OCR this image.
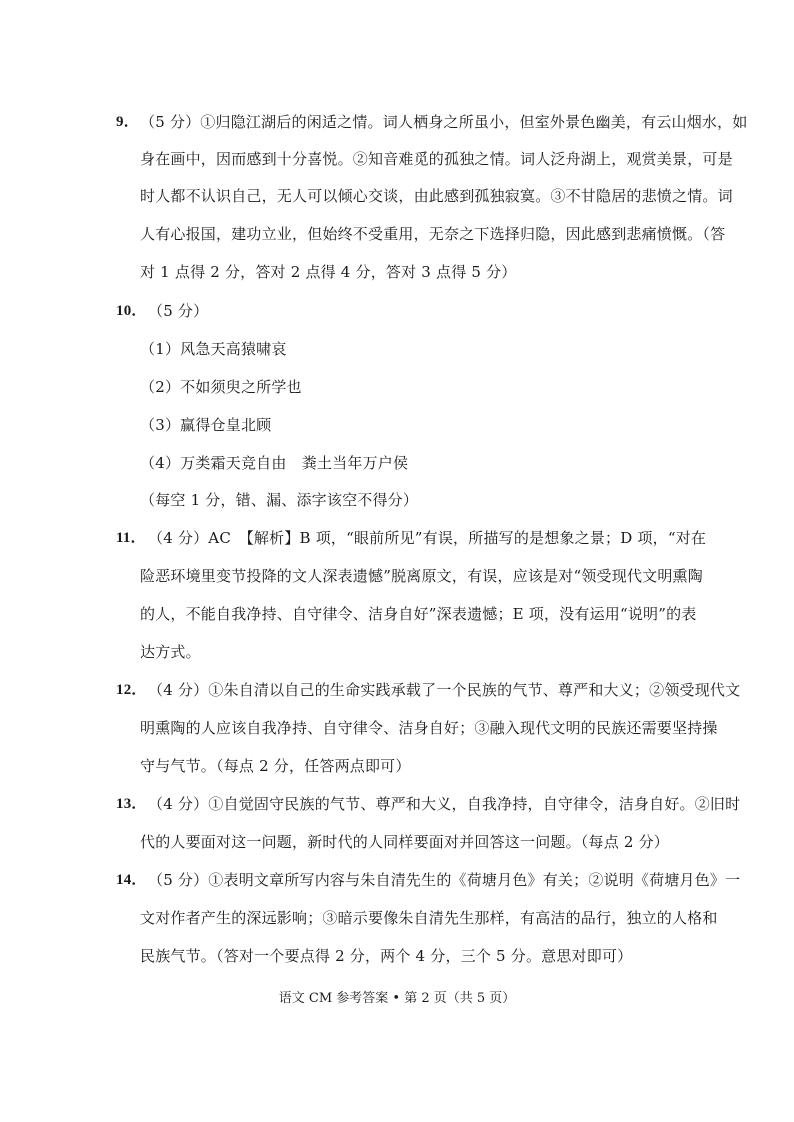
9． （5 分）①归隐江湖后的闲适之情。词人栖身之所虽小，但室外景色幽美，有云山烟水，如
身在画中，因而感到十分喜悦。②知音难觅的孤独之情。词人泛舟湖上，观赏美景，可是
时人都不认识自己，无人可以倾心交谈，由此感到孤独寂寞。③不甘隐居的悲愤之情。词
人有心报国，建功立业，但始终不受重用，无奈之下选择归隐，因此感到悲痛愤慨。（答
对 1 点得 2 分，答对 2 点得 4 分，答对 3 点得 5 分）
10． （5 分）
（1）风急天高猿啸哀
（2）不如须臾之所学也
（3）赢得仓皇北顾
（4）万类霜天竞自由　粪土当年万户侯
（每空 1 分，错、漏、添字该空不得分）
11． （4 分）AC　【解析】B 项，“眼前所见”有误，所描写的是想象之景；D 项，“对在
险恶环境里变节投降的文人深表遗憾”脱离原文，有误，应该是对“领受现代文明熏陶
的人，不能自我净持、自守律令、洁身自好”深表遗憾；E 项，没有运用“说明”的表
达方式。
12． （4 分）①朱自清以自己的生命实践承载了一个民族的气节、尊严和大义；②领受现代文
明熏陶的人应该自我净持、自守律令、洁身自好；③融入现代文明的民族还需要坚持操
守与气节。（每点 2 分，任答两点即可）
13． （4 分）①自觉固守民族的气节、尊严和大义，自我净持，自守律令，洁身自好。②旧时
代的人要面对这一问题，新时代的人同样要面对并回答这一问题。（每点 2 分）
14． （5 分）①表明文章所写内容与朱自清先生的《荷塘月色》有关；②说明《荷塘月色》一
文对作者产生的深远影响；③暗示要像朱自清先生那样，有高洁的品行，独立的人格和
民族气节。（答对一个要点得 2 分，两个 4 分，三个 5 分。意思对即可）
语文 CM 参考答案 • 第 2 页（共 5 页）
